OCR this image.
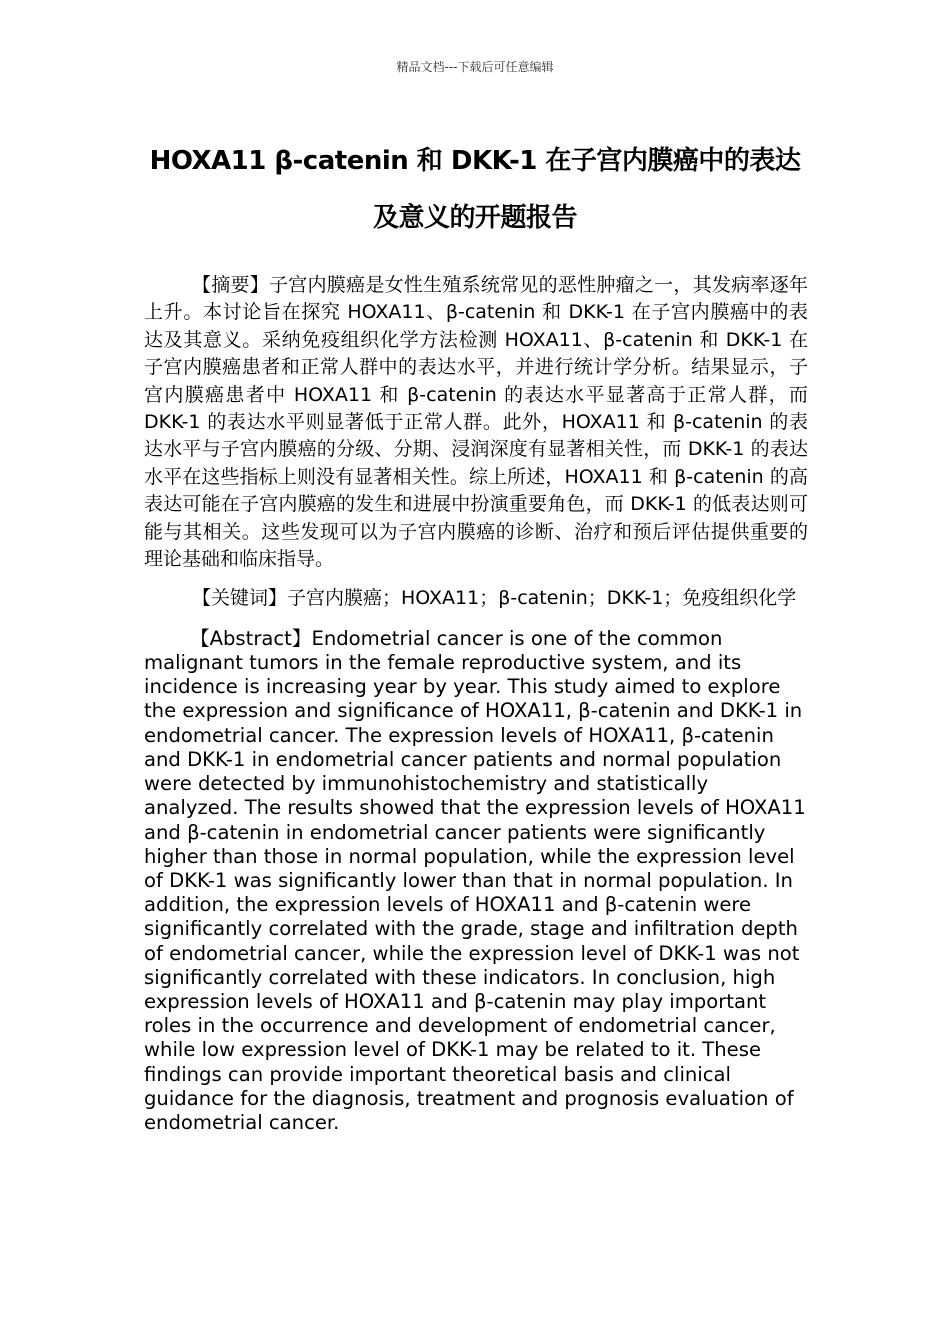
精品文档---下载后可任意编辑
HOXA11 β-catenin 和 DKK-1 在子宫内膜癌中的表达
及意义的开题报告

【摘要】子宫内膜癌是女性生殖系统常见的恶性肿瘤之一，其发病率逐年上升。本讨论旨在探究 HOXA11、β-catenin 和 DKK-1 在子宫内膜癌中的表达及其意义。采纳免疫组织化学方法检测 HOXA11、β-catenin 和 DKK-1 在子宫内膜癌患者和正常人群中的表达水平，并进行统计学分析。结果显示，子宫内膜癌患者中 HOXA11 和 β-catenin 的表达水平显著高于正常人群，而 DKK-1 的表达水平则显著低于正常人群。此外，HOXA11 和 β-catenin 的表达水平与子宫内膜癌的分级、分期、浸润深度有显著相关性，而 DKK-1 的表达水平在这些指标上则没有显著相关性。综上所述，HOXA11 和 β-catenin 的高表达可能在子宫内膜癌的发生和进展中扮演重要角色，而 DKK-1 的低表达则可能与其相关。这些发现可以为子宫内膜癌的诊断、治疗和预后评估提供重要的理论基础和临床指导。

【关键词】子宫内膜癌；HOXA11；β-catenin；DKK-1；免疫组织化学

【Abstract】Endometrial cancer is one of the common malignant tumors in the female reproductive system, and its incidence is increasing year by year. This study aimed to explore the expression and significance of HOXA11, β-catenin and DKK-1 in endometrial cancer. The expression levels of HOXA11, β-catenin and DKK-1 in endometrial cancer patients and normal population were detected by immunohistochemistry and statistically analyzed. The results showed that the expression levels of HOXA11 and β-catenin in endometrial cancer patients were significantly higher than those in normal population, while the expression level of DKK-1 was significantly lower than that in normal population. In addition, the expression levels of HOXA11 and β-catenin were significantly correlated with the grade, stage and infiltration depth of endometrial cancer, while the expression level of DKK-1 was not significantly correlated with these indicators. In conclusion, high expression levels of HOXA11 and β-catenin may play important roles in the occurrence and development of endometrial cancer, while low expression level of DKK-1 may be related to it. These findings can provide important theoretical basis and clinical guidance for the diagnosis, treatment and prognosis evaluation of endometrial cancer.
